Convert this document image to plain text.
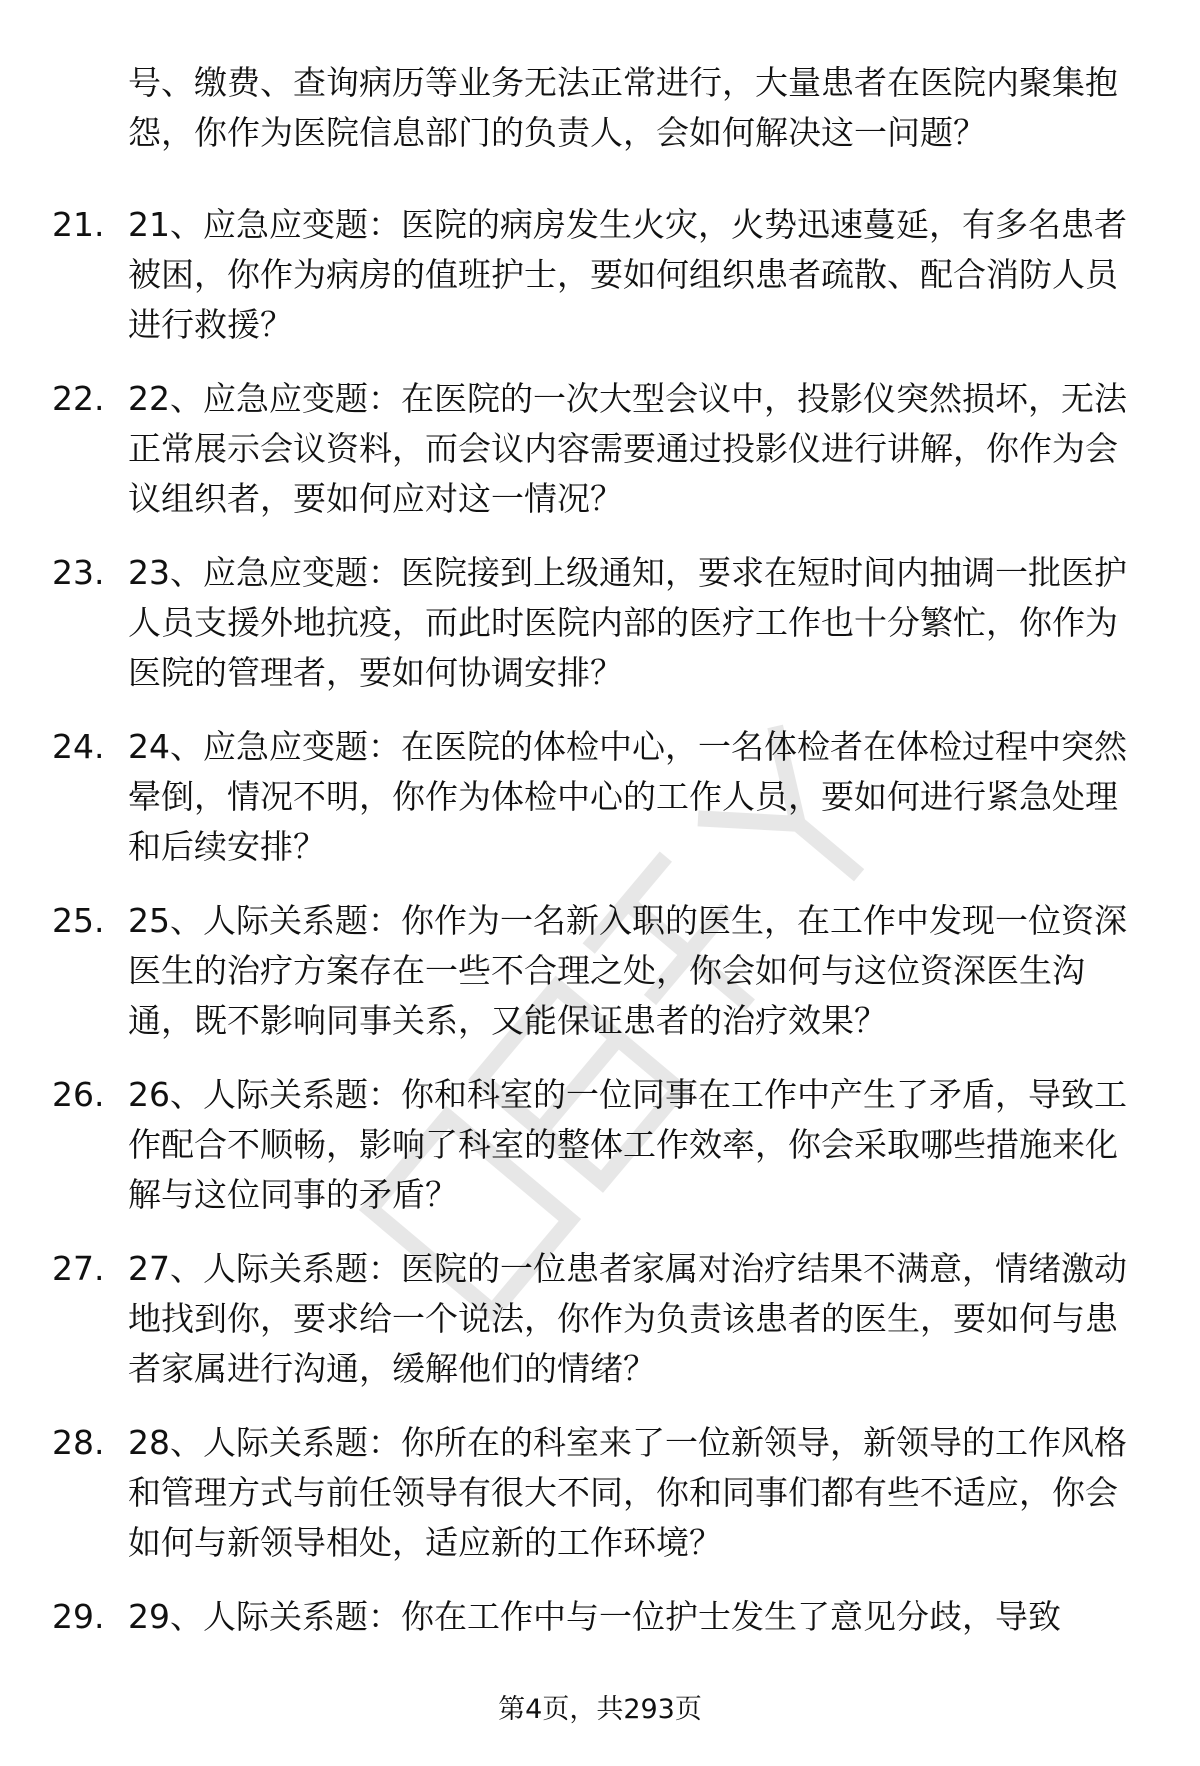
号、缴费、查询病历等业务无法正常进行，大量患者在医院内聚集抱怨，你作为医院信息部门的负责人，会如何解决这一问题？
21. 21、应急应变题：医院的病房发生火灾，火势迅速蔓延，有多名患者被困，你作为病房的值班护士，要如何组织患者疏散、配合消防人员进行救援？
22. 22、应急应变题：在医院的一次大型会议中，投影仪突然损坏，无法正常展示会议资料，而会议内容需要通过投影仪进行讲解，你作为会议组织者，要如何应对这一情况？
23. 23、应急应变题：医院接到上级通知，要求在短时间内抽调一批医护人员支援外地抗疫，而此时医院内部的医疗工作也十分繁忙，你作为医院的管理者，要如何协调安排？
24. 24、应急应变题：在医院的体检中心，一名体检者在体检过程中突然晕倒，情况不明，你作为体检中心的工作人员，要如何进行紧急处理和后续安排？
25. 25、人际关系题：你作为一名新入职的医生，在工作中发现一位资深医生的治疗方案存在一些不合理之处，你会如何与这位资深医生沟通，既不影响同事关系，又能保证患者的治疗效果？
26. 26、人际关系题：你和科室的一位同事在工作中产生了矛盾，导致工作配合不顺畅，影响了科室的整体工作效率，你会采取哪些措施来化解与这位同事的矛盾？
27. 27、人际关系题：医院的一位患者家属对治疗结果不满意，情绪激动地找到你，要求给一个说法，你作为负责该患者的医生，要如何与患者家属进行沟通，缓解他们的情绪？
28. 28、人际关系题：你所在的科室来了一位新领导，新领导的工作风格和管理方式与前任领导有很大不同，你和同事们都有些不适应，你会如何与新领导相处，适应新的工作环境？
29. 29、人际关系题：你在工作中与一位护士发生了意见分歧，导致
第4页，共293页
